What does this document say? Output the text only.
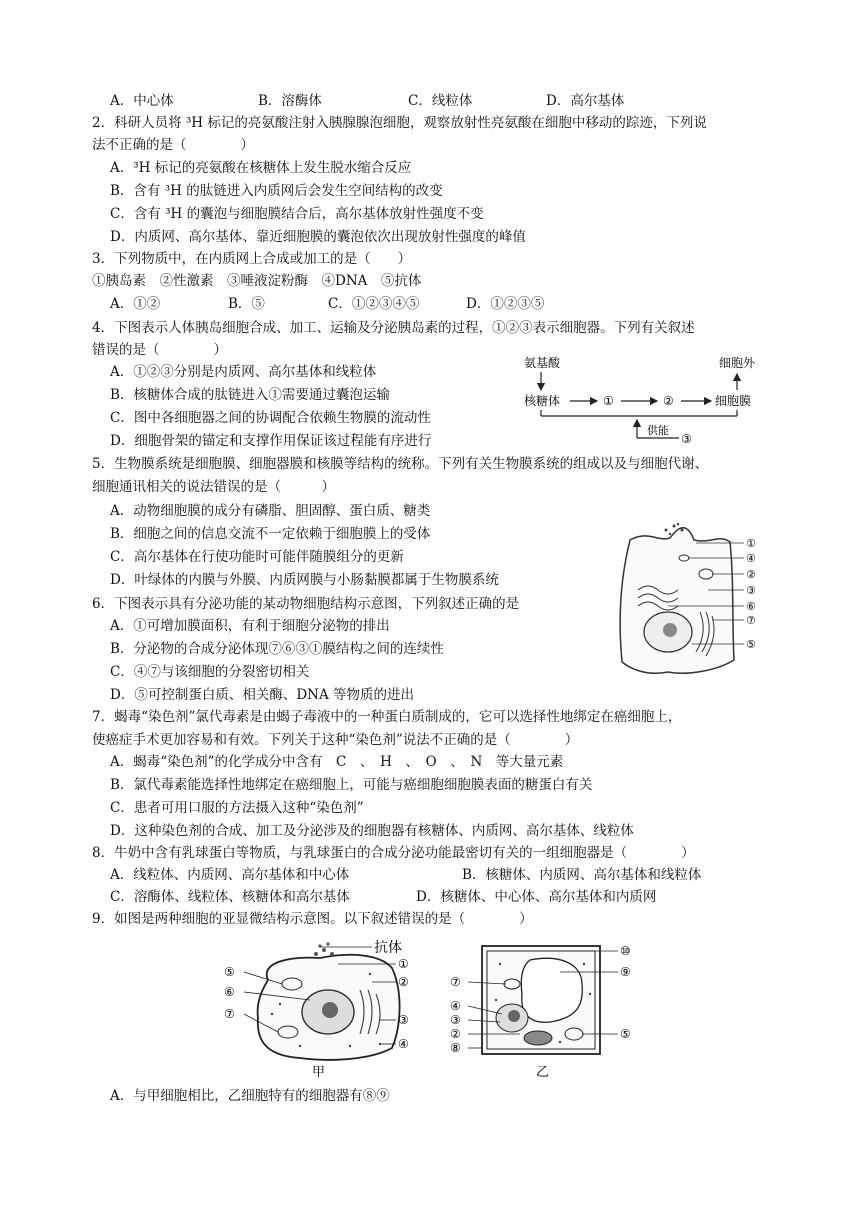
A．中心体	B．溶酶体	C．线粒体	D．高尔基体
2．科研人员将 ³H 标记的亮氨酸注射入胰腺腺泡细胞，观察放射性亮氨酸在细胞中移动的踪迹，下列说
法不正确的是（　　　　）
A．³H 标记的亮氨酸在核糖体上发生脱水缩合反应
B．含有 ³H 的肽链进入内质网后会发生空间结构的改变
C．含有 ³H 的囊泡与细胞膜结合后，高尔基体放射性强度不变
D．内质网、高尔基体、靠近细胞膜的囊泡依次出现放射性强度的峰值
3．下列物质中，在内质网上合成或加工的是（　　）
①胰岛素　②性激素　③唾液淀粉酶　④DNA　⑤抗体
A．①②	B．⑤	C．①②③④⑤	D．①②③⑤
4．下图表示人体胰岛细胞合成、加工、运输及分泌胰岛素的过程，①②③表示细胞器。下列有关叙述
错误的是（　　　　）
A．①②③分别是内质网、高尔基体和线粒体
B．核糖体合成的肽链进入①需要通过囊泡运输
C．图中各细胞器之间的协调配合依赖生物膜的流动性
D．细胞骨架的锚定和支撑作用保证该过程能有序进行
氨基酸
核糖体	①	②	细胞膜
细胞外
供能
③
5．生物膜系统是细胞膜、细胞器膜和核膜等结构的统称。下列有关生物膜系统的组成以及与细胞代谢、
细胞通讯相关的说法错误的是（　　　）
A．动物细胞膜的成分有磷脂、胆固醇、蛋白质、糖类
B．细胞之间的信息交流不一定依赖于细胞膜上的受体
C．高尔基体在行使功能时可能伴随膜组分的更新
D．叶绿体的内膜与外膜、内质网膜与小肠黏膜都属于生物膜系统
①
④
②
③
⑥
⑦
⑤
6．下图表示具有分泌功能的某动物细胞结构示意图，下列叙述正确的是
A．①可增加膜面积，有利于细胞分泌物的排出
B．分泌物的合成分泌体现⑦⑥③①膜结构之间的连续性
C．④⑦与该细胞的分裂密切相关
D．⑤可控制蛋白质、相关酶、DNA 等物质的进出
7．蝎毒“染色剂”氯代毒素是由蝎子毒液中的一种蛋白质制成的，它可以选择性地绑定在癌细胞上，
使癌症手术更加容易和有效。下列关于这种“染色剂”说法不正确的是（　　　　）
A．蝎毒“染色剂”的化学成分中含有　C　、　H　、　O　、　N　等大量元素
B．氯代毒素能选择性地绑定在癌细胞上，可能与癌细胞细胞膜表面的糖蛋白有关
C．患者可用口服的方法摄入这种“染色剂”
D．这种染色剂的合成、加工及分泌涉及的细胞器有核糖体、内质网、高尔基体、线粒体
8．牛奶中含有乳球蛋白等物质，与乳球蛋白的合成分泌功能最密切有关的一组细胞器是（　　　　）
A．线粒体、内质网、高尔基体和中心体	B．核糖体、内质网、高尔基体和线粒体
C．溶酶体、线粒体、核糖体和高尔基体	D．核糖体、中心体、高尔基体和内质网
9．如图是两种细胞的亚显微结构示意图。以下叙述错误的是（　　　　）
抗体
①
②
③
④
⑤
⑥
⑦
甲
⑩
⑨
⑤
⑦
④
③
②
⑧
乙
A．与甲细胞相比，乙细胞特有的细胞器有⑧⑨
